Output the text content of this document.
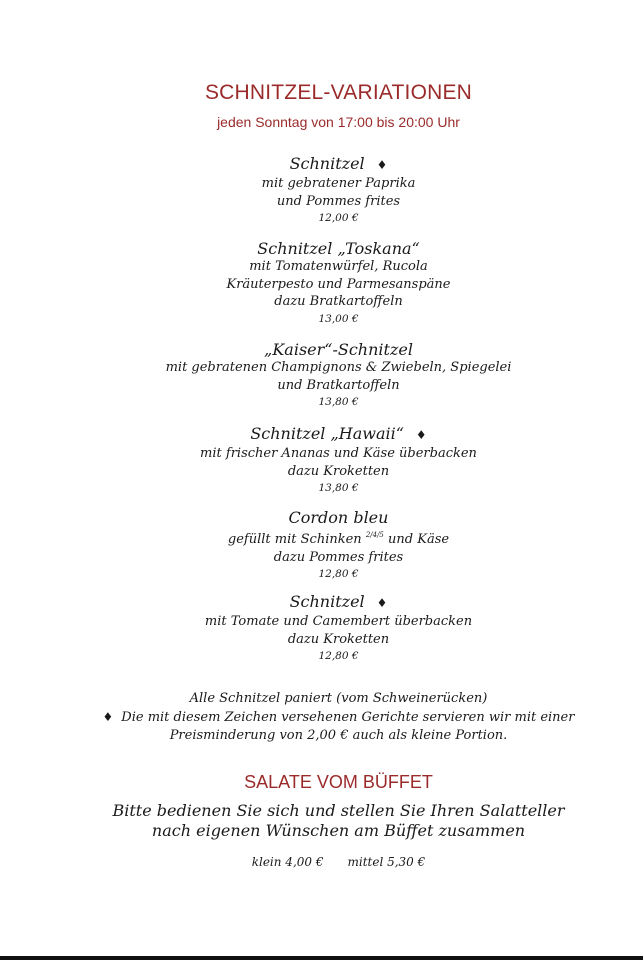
SCHNITZEL-VARIATIONEN
jeden Sonntag von 17:00 bis 20:00 Uhr
Schnitzel ♦
mit gebratener Paprika
und Pommes frites
12,00 €
Schnitzel „Toskana“
mit Tomatenwürfel, Rucola
Kräuterpesto und Parmesanspäne
dazu Bratkartoffeln
13,00 €
„Kaiser“-Schnitzel
mit gebratenen Champignons & Zwiebeln, Spiegelei
und Bratkartoffeln
13,80 €
Schnitzel „Hawaii“ ♦
mit frischer Ananas und Käse überbacken
dazu Kroketten
13,80 €
Cordon bleu
gefüllt mit Schinken $^{2/4/5}$ und Käse
dazu Pommes frites
12,80 €
Schnitzel ♦
mit Tomate und Camembert überbacken
dazu Kroketten
12,80 €
Alle Schnitzel paniert (vom Schweinerücken)
♦ Die mit diesem Zeichen versehenen Gerichte servieren wir mit einer
Preisminderung von 2,00 € auch als kleine Portion.
SALATE VOM BÜFFET
Bitte bedienen Sie sich und stellen Sie Ihren Salatteller
nach eigenen Wünschen am Büffet zusammen
klein 4,00 € mittel 5,30 €
